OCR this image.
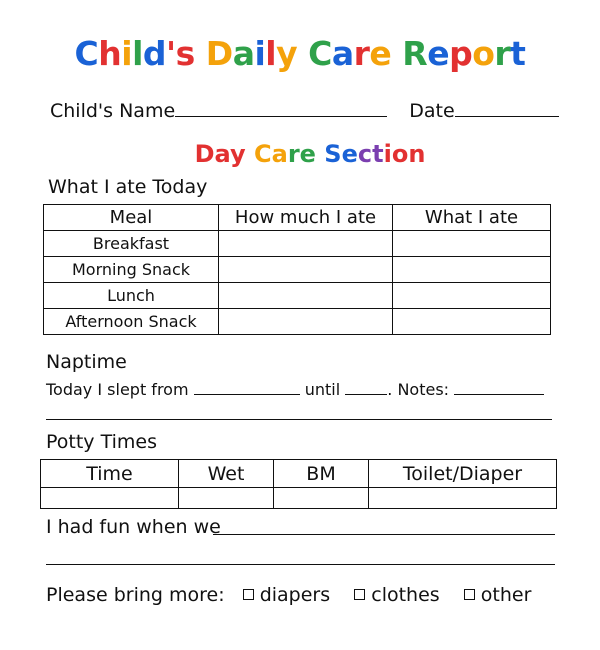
Child's Daily Care Report
Child's Name	Date
Day Care Section
What I ate Today
Meal	How much I ate	What I ate
Breakfast		
Morning Snack		
Lunch		
Afternoon Snack		
Naptime
Today I slept from	until	. Notes:
Potty Times
Time	Wet	BM	Toilet/Diaper

I had fun when we
Please bring more: diapers clothes other
